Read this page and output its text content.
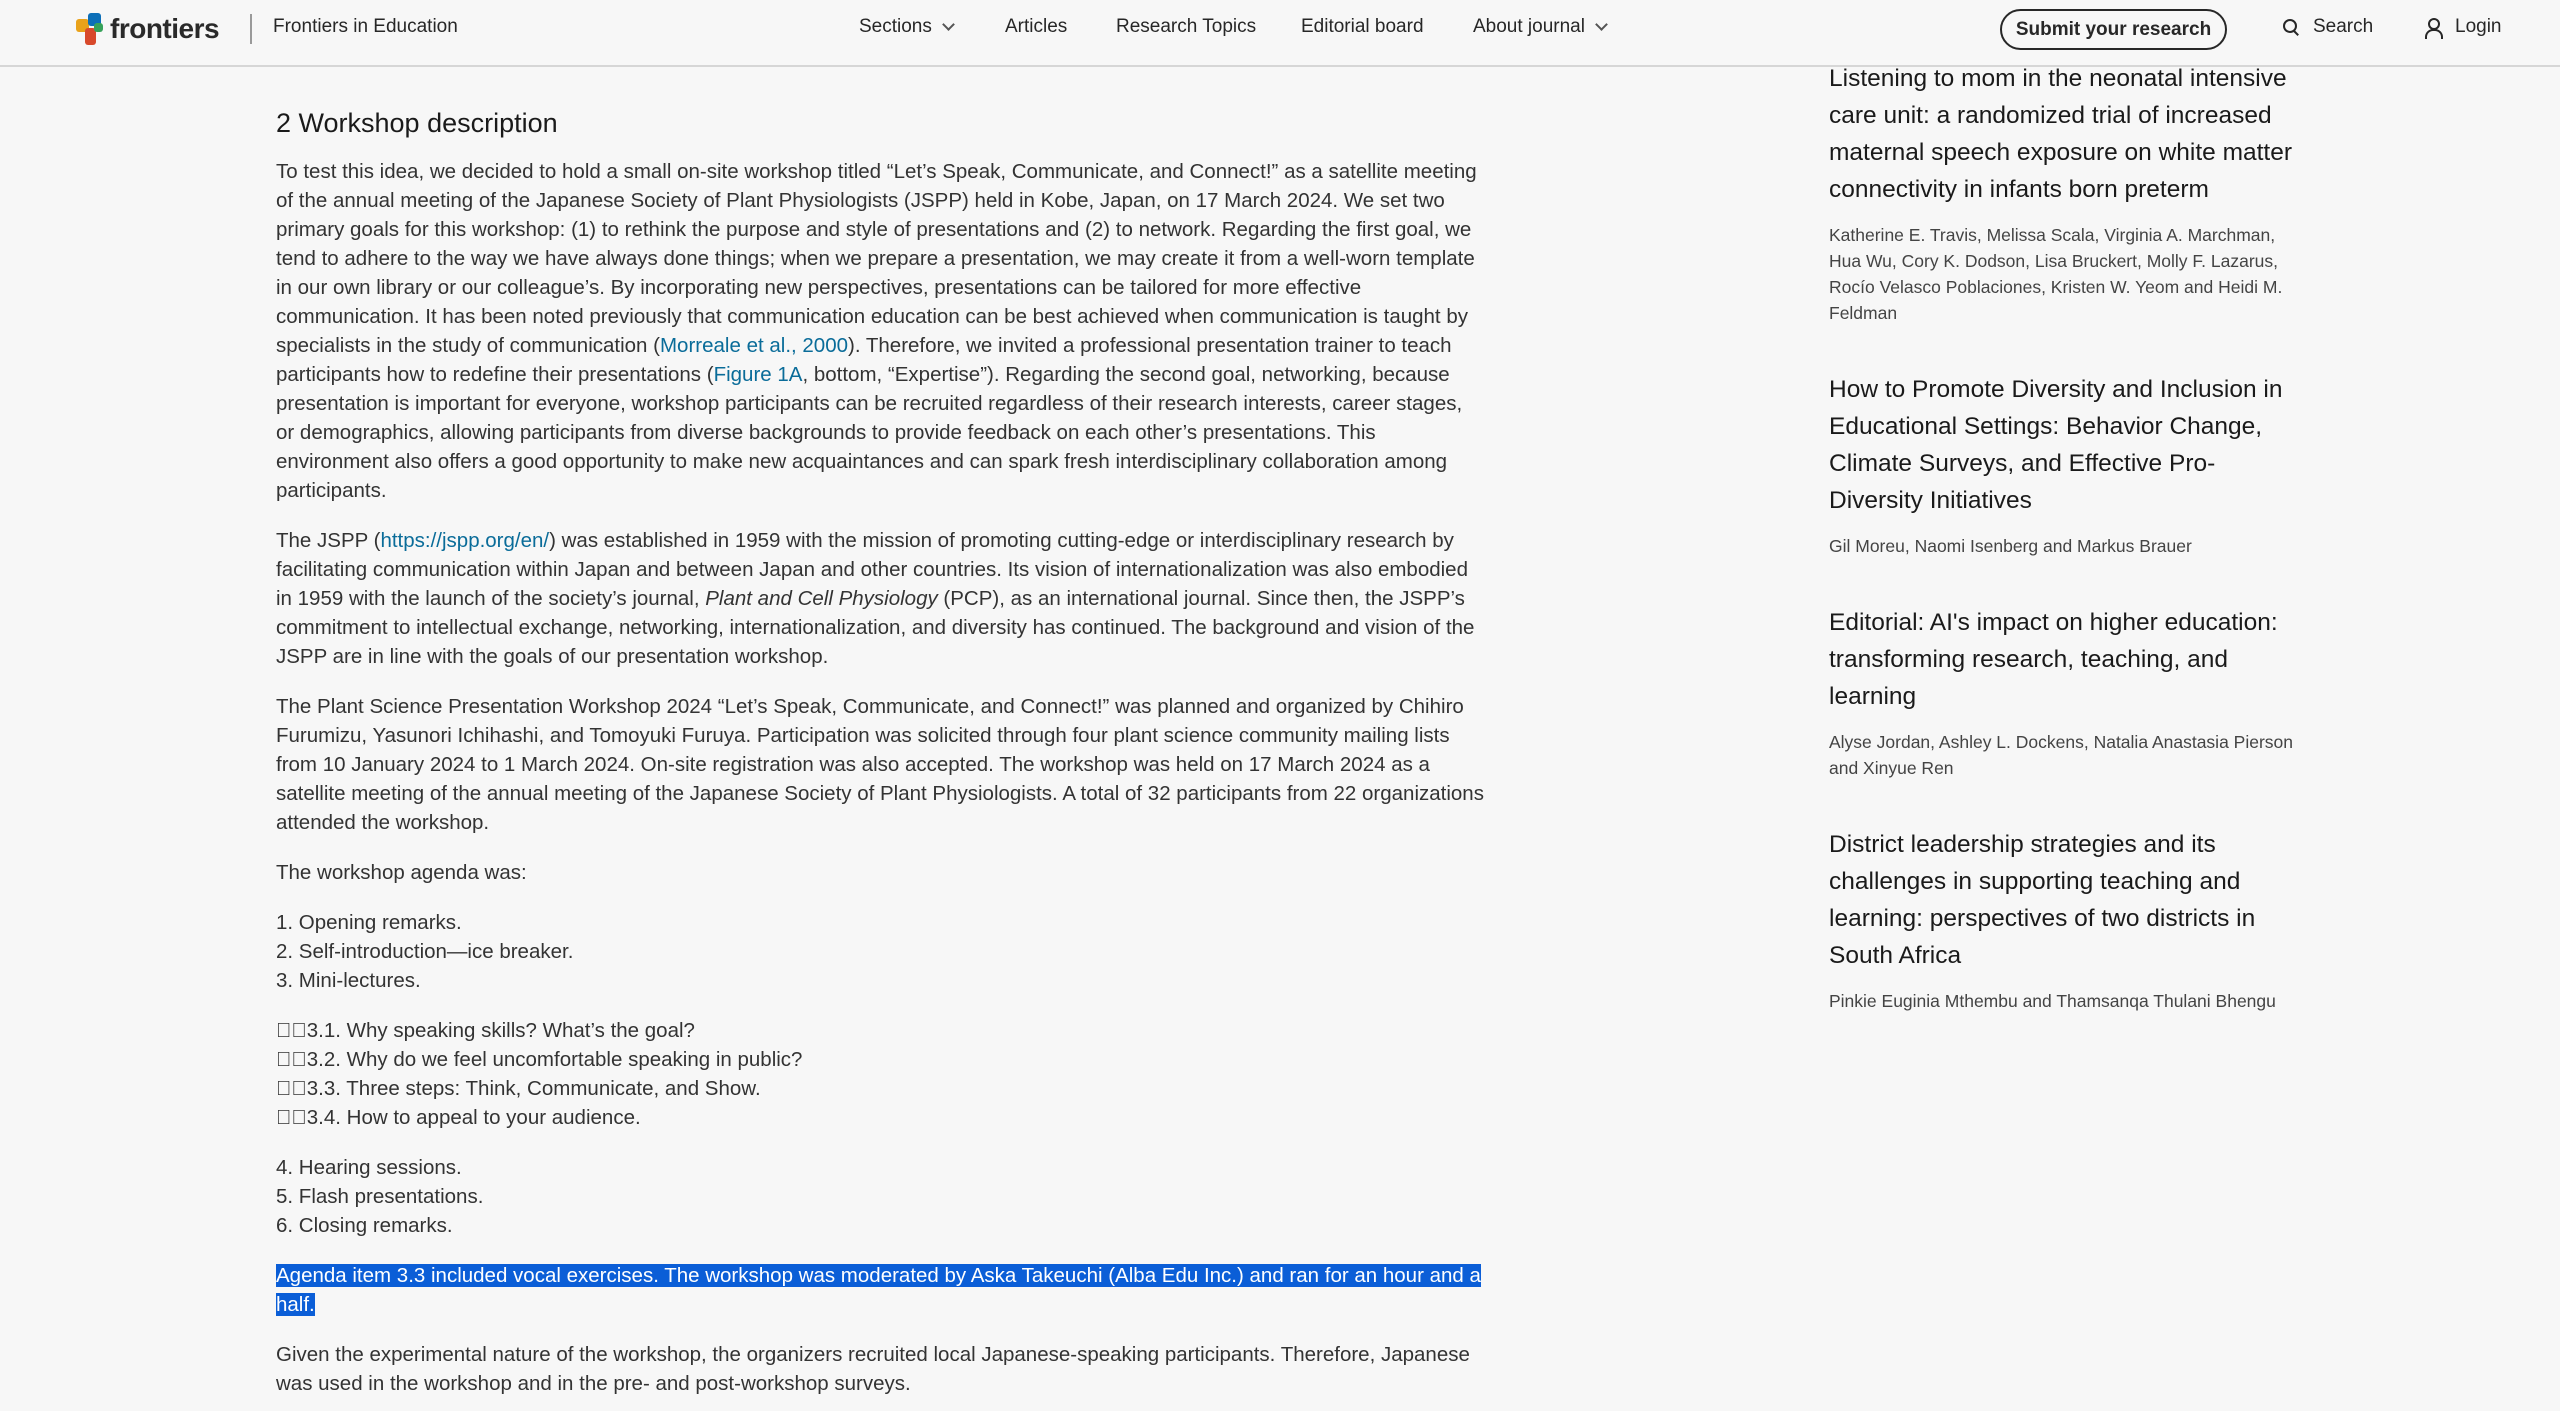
frontiers	Frontiers in Education	Sections	Articles	Research Topics Editorial board	About journal	Submit your research	Search	Login
2 Workshop description

To test this idea, we decided to hold a small on-site workshop titled “Let’s Speak, Communicate, and Connect!” as a satellite meeting of the annual meeting of the Japanese Society of Plant Physiologists (JSPP) held in Kobe, Japan, on 17 March 2024. We set two primary goals for this workshop: (1) to rethink the purpose and style of presentations and (2) to network. Regarding the first goal, we tend to adhere to the way we have always done things; when we prepare a presentation, we may create it from a well-worn template in our own library or our colleague’s. By incorporating new perspectives, presentations can be tailored for more effective communication. It has been noted previously that communication education can be best achieved when communication is taught by specialists in the study of communication (Morreale et al., 2000). Therefore, we invited a professional presentation trainer to teach participants how to redefine their presentations (Figure 1A, bottom, “Expertise”). Regarding the second goal, networking, because presentation is important for everyone, workshop participants can be recruited regardless of their research interests, career stages, or demographics, allowing participants from diverse backgrounds to provide feedback on each other’s presentations. This environment also offers a good opportunity to make new acquaintances and can spark fresh interdisciplinary collaboration among participants.

The JSPP (https://jspp.org/en/) was established in 1959 with the mission of promoting cutting-edge or interdisciplinary research by facilitating communication within Japan and between Japan and other countries. Its vision of internationalization was also embodied in 1959 with the launch of the society’s journal, Plant and Cell Physiology (PCP), as an international journal. Since then, the JSPP’s commitment to intellectual exchange, networking, internationalization, and diversity has continued. The background and vision of the JSPP are in line with the goals of our presentation workshop.

The Plant Science Presentation Workshop 2024 “Let’s Speak, Communicate, and Connect!” was planned and organized by Chihiro Furumizu, Yasunori Ichihashi, and Tomoyuki Furuya. Participation was solicited through four plant science community mailing lists from 10 January 2024 to 1 March 2024. On-site registration was also accepted. The workshop was held on 17 March 2024 as a satellite meeting of the annual meeting of the Japanese Society of Plant Physiologists. A total of 32 participants from 22 organizations attended the workshop.

The workshop agenda was:

1. Opening remarks.
2. Self-introduction—ice breaker.
3. Mini-lectures.
  3.1. Why speaking skills? What’s the goal?
  3.2. Why do we feel uncomfortable speaking in public?
  3.3. Three steps: Think, Communicate, and Show.
  3.4. How to appeal to your audience.
4. Hearing sessions.
5. Flash presentations.
6. Closing remarks.

Agenda item 3.3 included vocal exercises. The workshop was moderated by Aska Takeuchi (Alba Edu Inc.) and ran for an hour and a half.

Given the experimental nature of the workshop, the organizers recruited local Japanese-speaking participants. Therefore, Japanese was used in the workshop and in the pre- and post-workshop surveys.

Listening to mom in the neonatal intensive care unit: a randomized trial of increased maternal speech exposure on white matter connectivity in infants born preterm
Katherine E. Travis, Melissa Scala, Virginia A. Marchman, Hua Wu, Cory K. Dodson, Lisa Bruckert, Molly F. Lazarus, Rocío Velasco Poblaciones, Kristen W. Yeom and Heidi M. Feldman
How to Promote Diversity and Inclusion in Educational Settings: Behavior Change, Climate Surveys, and Effective Pro-Diversity Initiatives
Gil Moreu, Naomi Isenberg and Markus Brauer
Editorial: AI's impact on higher education: transforming research, teaching, and learning
Alyse Jordan, Ashley L. Dockens, Natalia Anastasia Pierson and Xinyue Ren
District leadership strategies and its challenges in supporting teaching and learning: perspectives of two districts in South Africa
Pinkie Euginia Mthembu and Thamsanqa Thulani Bhengu
